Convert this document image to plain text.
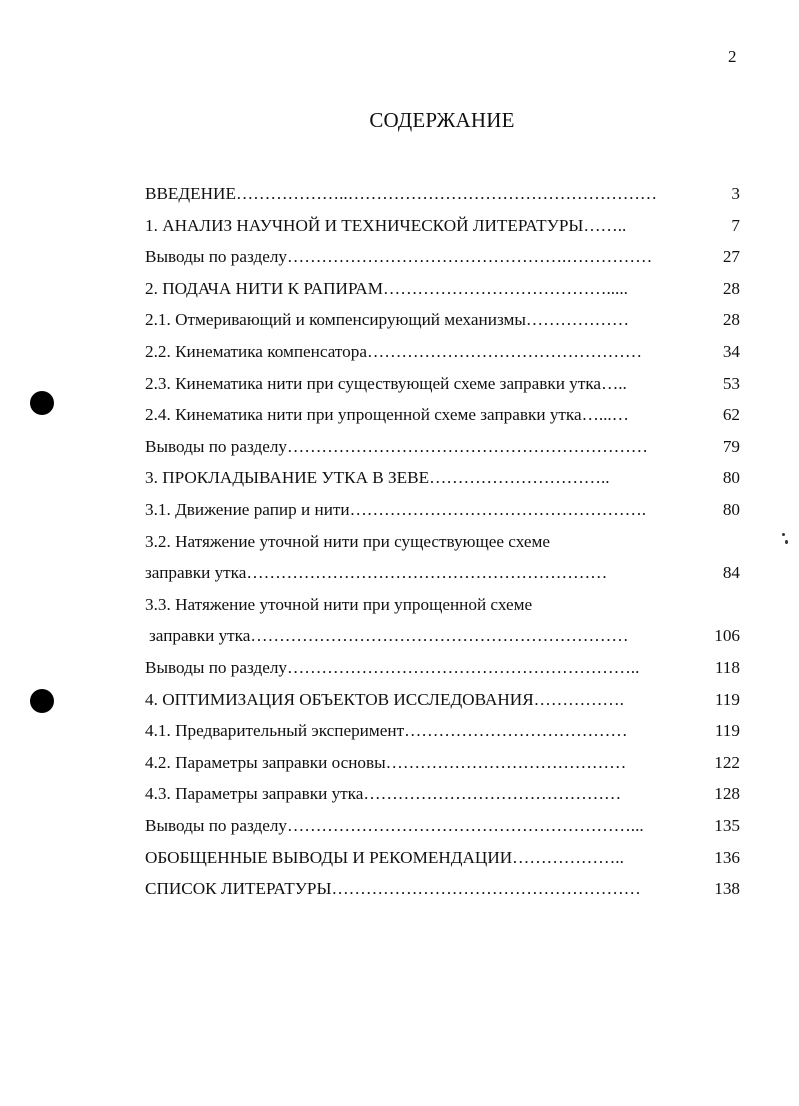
2
СОДЕРЖАНИЕ
ВВЕДЕНИЕ………………..………………………………………………	3
1. АНАЛИЗ НАУЧНОЙ И ТЕХНИЧЕСКОЙ ЛИТЕРАТУРЫ……..	7
Выводы по разделу………………………………………….……………	27
2. ПОДАЧА НИТИ К РАПИРАМ………………………………….....	28
2.1. Отмеривающий и компенсирующий механизмы………………	28
2.2. Кинематика компенсатора…………………………………………	34
2.3. Кинематика нити при существующей схеме заправки утка…..	53
2.4. Кинематика нити при упрощенной схеме заправки утка…...…	62
Выводы по разделу………………………………………………………	79
3. ПРОКЛАДЫВАНИЕ УТКА В ЗЕВЕ…………………………..	80
3.1. Движение рапир и нити…………………………………………….	80
3.2. Натяжение уточной нити при существующее схеме
заправки утка………………………………………………………	84
3.3. Натяжение уточной нити при упрощенной схеме
заправки утка…………………………………………………………	106
Выводы по разделу……………………………………………………..	118
4. ОПТИМИЗАЦИЯ ОБЪЕКТОВ ИССЛЕДОВАНИЯ…………….	119
4.1. Предварительный эксперимент…………………………………	119
4.2. Параметры заправки основы……………………………………	122
4.3. Параметры заправки утка………………………………………	128
Выводы по разделу……………………………………………………...	135
ОБОБЩЕННЫЕ ВЫВОДЫ И РЕКОМЕНДАЦИИ………………..	136
СПИСОК ЛИТЕРАТУРЫ………………………………………………	138
